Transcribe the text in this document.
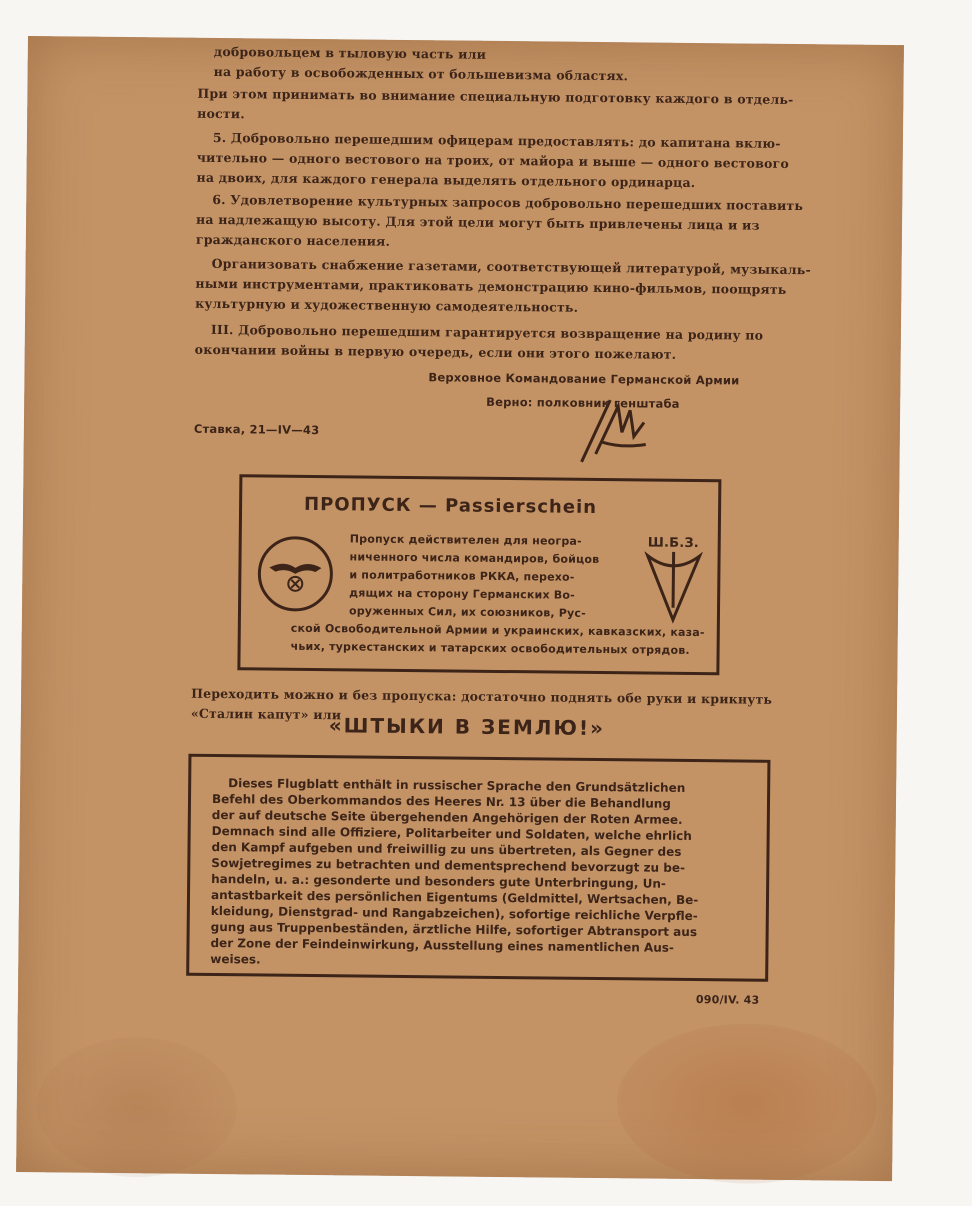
добровольцем в тыловую часть или
на работу в освобожденных от большевизма областях.
При этом принимать во внимание специальную подготовку каждого в отдель-
ности.
5. Добровольно перешедшим офицерам предоставлять: до капитана вклю-
чительно — одного вестового на троих, от майора и выше — одного вестового
на двоих, для каждого генерала выделять отдельного ординарца.
6. Удовлетворение культурных запросов добровольно перешедших поставить
на надлежащую высоту. Для этой цели могут быть привлечены лица и из
гражданского населения.
Организовать снабжение газетами, соответствующей литературой, музыкаль-
ными инструментами, практиковать демонстрацию кино-фильмов, поощрять
культурную и художественную самодеятельность.
III. Добровольно перешедшим гарантируется возвращение на родину по
окончании войны в первую очередь, если они этого пожелают.
Верховное Командование Германской Армии
Верно: полковник генштаба
Ставка, 21—IV—43
ПРОПУСК — Passierschein
Пропуск действителен для неогра-
ниченного числа командиров, бойцов
и политработников РККА, перехо-
дящих на сторону Германских Во-
оруженных Сил, их союзников, Рус-
ской Освободительной Армии и украинских, кавказских, каза-
чьих, туркестанских и татарских освободительных отрядов.
Ш.Б.З.
Переходить можно и без пропуска: достаточно поднять обе руки и крикнуть
«Сталин капут» или
«ШТЫКИ В ЗЕМЛЮ!»
Dieses Flugblatt enthält in russischer Sprache den Grundsätzlichen
Befehl des Oberkommandos des Heeres Nr. 13 über die Behandlung
der auf deutsche Seite übergehenden Angehörigen der Roten Armee.
Demnach sind alle Offiziere, Politarbeiter und Soldaten, welche ehrlich
den Kampf aufgeben und freiwillig zu uns übertreten, als Gegner des
Sowjetregimes zu betrachten und dementsprechend bevorzugt zu be-
handeln, u. a.: gesonderte und besonders gute Unterbringung, Un-
antastbarkeit des persönlichen Eigentums (Geldmittel, Wertsachen, Be-
kleidung, Dienstgrad- und Rangabzeichen), sofortige reichliche Verpfle-
gung aus Truppenbeständen, ärztliche Hilfe, sofortiger Abtransport aus
der Zone der Feindeinwirkung, Ausstellung eines namentlichen Aus-
weises.
090/IV. 43
